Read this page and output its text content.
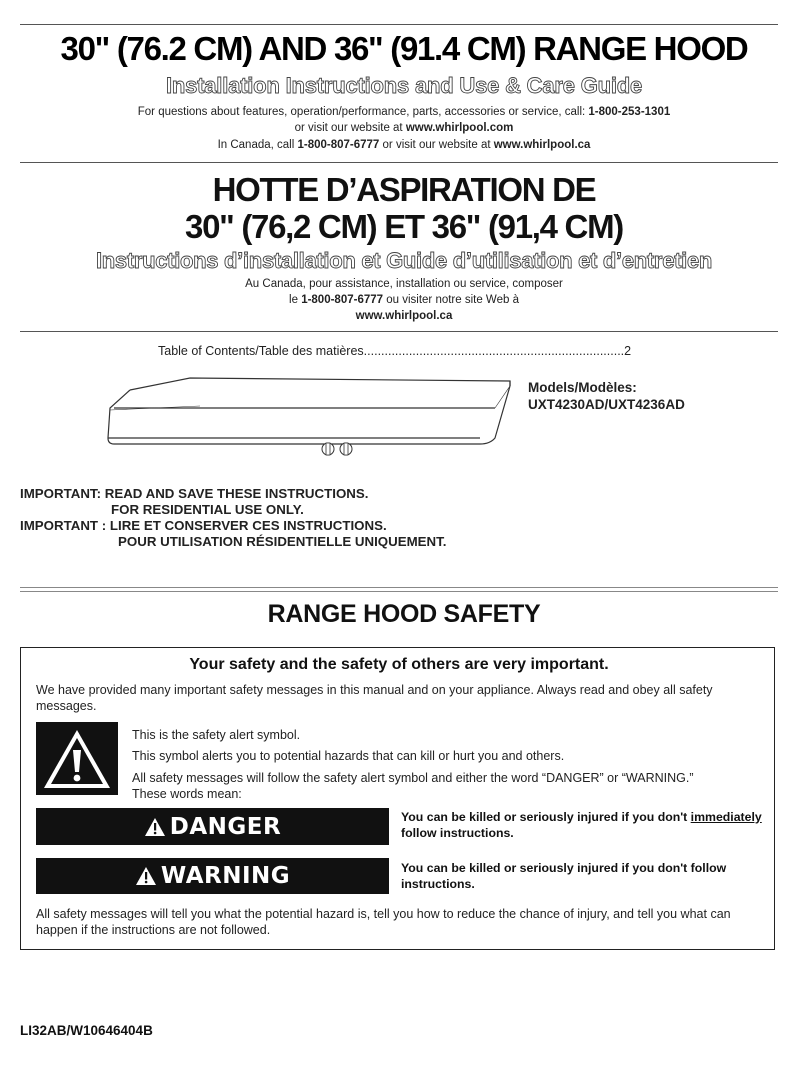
30" (76.2 CM) AND 36" (91.4 CM) RANGE HOOD
Installation Instructions and Use & Care Guide
For questions about features, operation/performance, parts, accessories or service, call: 1-800-253-1301
or visit our website at www.whirlpool.com
In Canada, call 1-800-807-6777 or visit our website at www.whirlpool.ca
HOTTE D’ASPIRATION DE
30" (76,2 CM) ET 36" (91,4 CM)
Instructions d’installation et Guide d’utilisation et d’entretien
Au Canada, pour assistance, installation ou service, composer
le 1-800-807-6777 ou visiter notre site Web à
www.whirlpool.ca
Table of Contents/Table des matières...........................................................................2
Models/Modèles:
UXT4230AD/UXT4236AD
IMPORTANT: READ AND SAVE THESE INSTRUCTIONS.
FOR RESIDENTIAL USE ONLY.
IMPORTANT : LIRE ET CONSERVER CES INSTRUCTIONS.
POUR UTILISATION RÉSIDENTIELLE UNIQUEMENT.
RANGE HOOD SAFETY
Your safety and the safety of others are very important.
We have provided many important safety messages in this manual and on your appliance. Always read and obey all safety messages.
This is the safety alert symbol.
This symbol alerts you to potential hazards that can kill or hurt you and others.
All safety messages will follow the safety alert symbol and either the word “DANGER” or “WARNING.”
These words mean:
DANGER	You can be killed or seriously injured if you don't immediately
follow instructions.
WARNING	You can be killed or seriously injured if you don't follow instructions.
All safety messages will tell you what the potential hazard is, tell you how to reduce the chance of injury, and tell you what can happen if the instructions are not followed.
LI32AB/W10646404B
